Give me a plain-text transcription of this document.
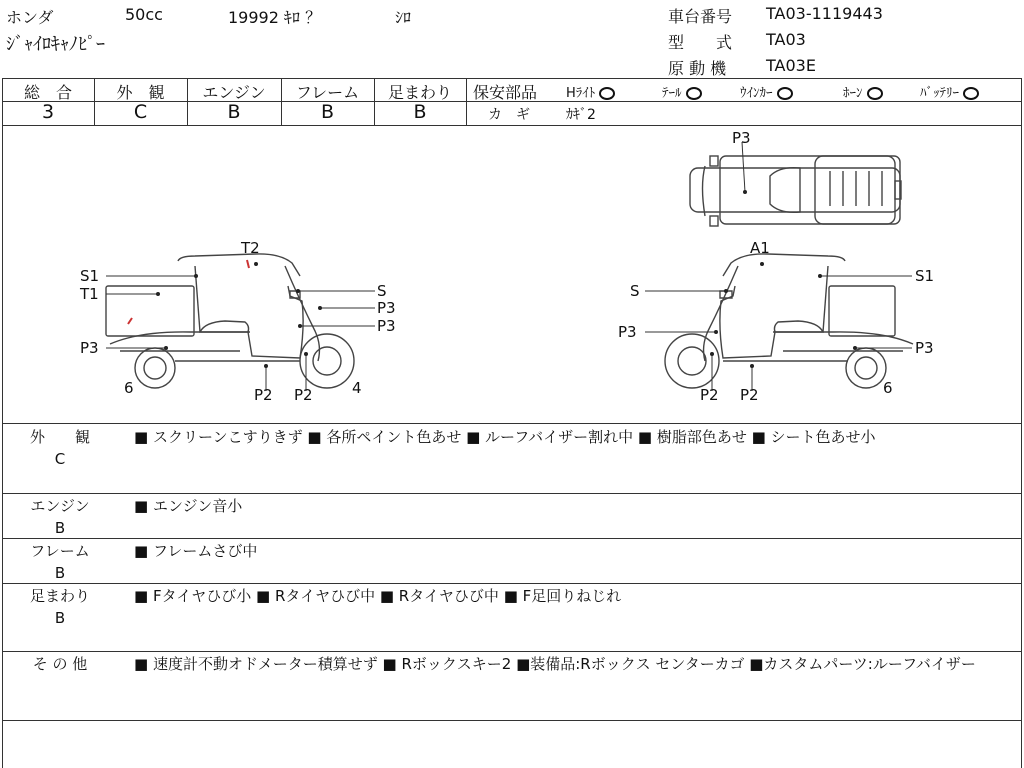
ホンダ	50cc	19992 ｷﾛ ？	ｼﾛ
ｼﾞｬｲﾛｷｬﾉﾋﾟｰ
車台番号 TA03-1119443
型　　式 TA03
原 動 機 TA03E
総　合
3
外　観
C
エンジン
B
フレーム
B
足まわり
B
保安部品 Hﾗｲﾄ	ﾃｰﾙ	ｳｲﾝｶｰ	ﾎｰﾝ	ﾊﾞｯﾃﾘｰ
カ　ギ	ｶｷﾞ2
T2
S1
T1	S
P3
P3
P3
6	4
P2 P2
A1
S1
S
P3
P3
6
P2 P2
P3
外　　観
C
■ スクリーンこすりきず ■ 各所ペイント色あせ ■ ルーフバイザー割れ中 ■ 樹脂部色あせ ■ シート色あせ小
エンジン
B
■ エンジン音小
フレーム
B
■ フレームさび中
足まわり
B
■ Fタイヤひび小 ■ Rタイヤひび中 ■ Rタイヤひび中 ■ F足回りねじれ
そ の 他	■ 速度計不動オドメーター積算せず ■ Rボックスキー2 ■装備品:Rボックス センターカゴ ■カスタムパーツ:ルーフバイザー
